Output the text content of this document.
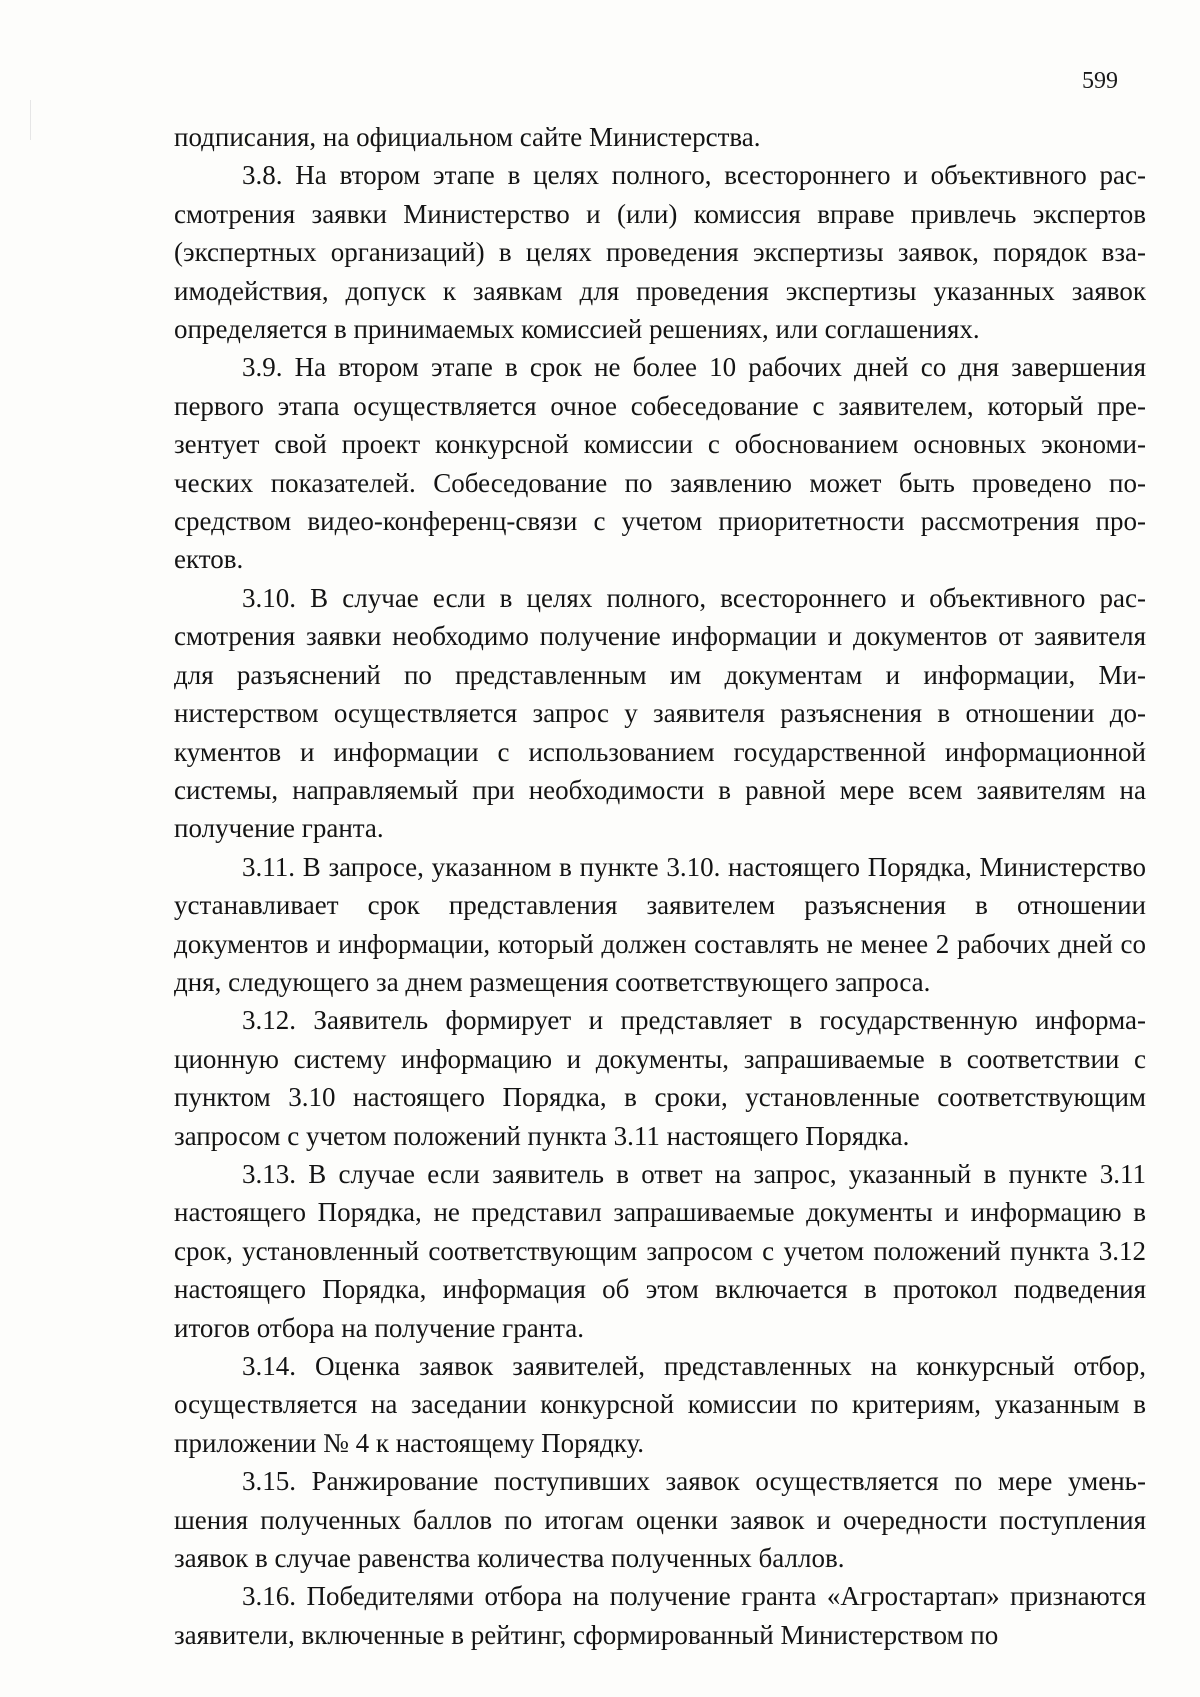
599

подписания, на официальном сайте Министерства.

3.8. На втором этапе в целях полного, всестороннего и объективного рассмотрения заявки Министерство и (или) комиссия вправе привлечь экспертов (экспертных организаций) в целях проведения экспертизы заявок, порядок взаимодействия, допуск к заявкам для проведения экспертизы указанных заявок определяется в принимаемых комиссией решениях, или соглашениях.

3.9. На втором этапе в срок не более 10 рабочих дней со дня завершения первого этапа осуществляется очное собеседование с заявителем, который презентует свой проект конкурсной комиссии с обоснованием основных экономических показателей. Собеседование по заявлению может быть проведено посредством видео-конференц-связи с учетом приоритетности рассмотрения проектов.

3.10. В случае если в целях полного, всестороннего и объективного рассмотрения заявки необходимо получение информации и документов от заявителя для разъяснений по представленным им документам и информации, Министерством осуществляется запрос у заявителя разъяснения в отношении документов и информации с использованием государственной информационной системы, направляемый при необходимости в равной мере всем заявителям на получение гранта.

3.11. В запросе, указанном в пункте 3.10. настоящего Порядка, Министерство устанавливает срок представления заявителем разъяснения в отношении документов и информации, который должен составлять не менее 2 рабочих дней со дня, следующего за днем размещения соответствующего запроса.

3.12. Заявитель формирует и представляет в государственную информационную систему информацию и документы, запрашиваемые в соответствии с пунктом 3.10 настоящего Порядка, в сроки, установленные соответствующим запросом с учетом положений пункта 3.11 настоящего Порядка.

3.13. В случае если заявитель в ответ на запрос, указанный в пункте 3.11 настоящего Порядка, не представил запрашиваемые документы и информацию в срок, установленный соответствующим запросом с учетом положений пункта 3.12 настоящего Порядка, информация об этом включается в протокол подведения итогов отбора на получение гранта.

3.14. Оценка заявок заявителей, представленных на конкурсный отбор, осуществляется на заседании конкурсной комиссии по критериям, указанным в приложении № 4 к настоящему Порядку.

3.15. Ранжирование поступивших заявок осуществляется по мере уменьшения полученных баллов по итогам оценки заявок и очередности поступления заявок в случае равенства количества полученных баллов.

3.16. Победителями отбора на получение гранта «Агростартап» признаются заявители, включенные в рейтинг, сформированный Министерством по
